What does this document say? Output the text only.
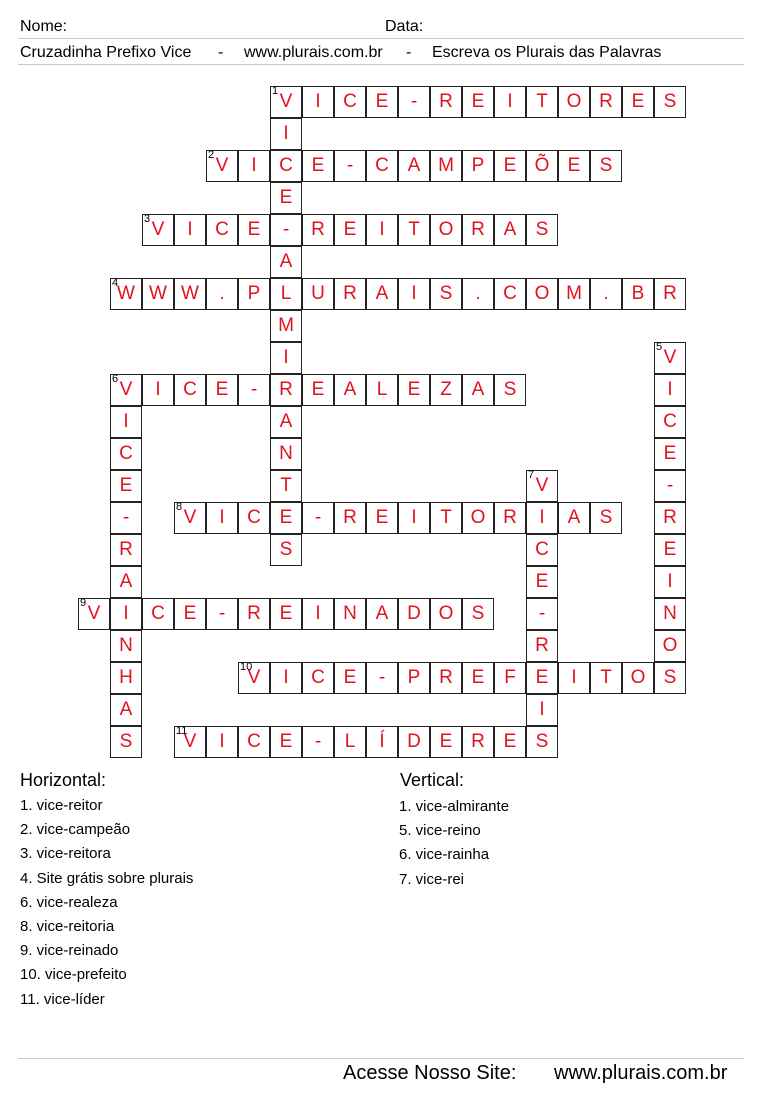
Nome:	Data:
Cruzadinha Prefixo Vice - www.plurais.com.br - Escreva os Plurais das Palavras
V
1 I C E - R E I T O R E S
I
C
E
-
A
L
M
I
R
A
N
T
E
S
V
2 I	E - C A M P E Õ E S
V
3 I C E	R E I T O R A S
W
4 W W . P	U R A I S . C O M . B R
V
5
I
C
E
-
R
E
I
N
O
S
V
6 I C E -	E A L E Z A S
I
C
E
-
R
A
I
N
H
A
S
V
7
I
C
E
-
R
E
I
S
V
8 I C	- R E I T O R	A S
V
9	C E - R E I N A D O S
V
10 I C E - P R E F	I T O
V
11 I C E - L Í D E R E
Horizontal:
1. vice-reitor
2. vice-campeão
3. vice-reitora
4. Site grátis sobre plurais
6. vice-realeza
8. vice-reitoria
9. vice-reinado
10. vice-prefeito
11. vice-líder
Vertical:
1. vice-almirante
5. vice-reino
6. vice-rainha
7. vice-rei
Acesse Nosso Site: www.plurais.com.br
